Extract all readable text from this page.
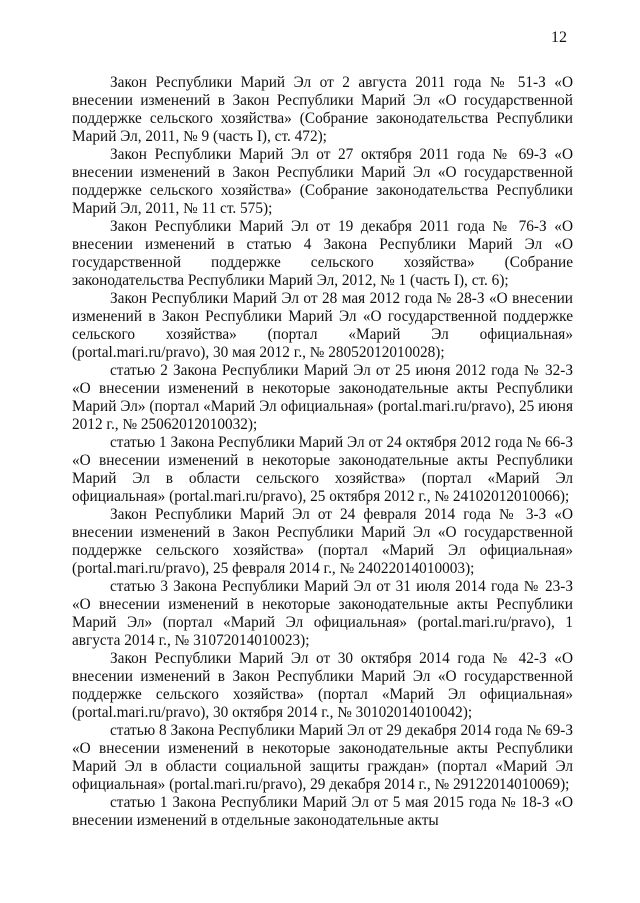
12

Закон Республики Марий Эл от 2 августа 2011 года № 51-З «О внесении изменений в Закон Республики Марий Эл «О государственной поддержке сельского хозяйства» (Собрание законодательства Республики Марий Эл, 2011, № 9 (часть I), ст. 472);

Закон Республики Марий Эл от 27 октября 2011 года № 69-З «О внесении изменений в Закон Республики Марий Эл «О государственной поддержке сельского хозяйства» (Собрание законодательства Республики Марий Эл, 2011, № 11 ст. 575);

Закон Республики Марий Эл от 19 декабря 2011 года № 76-З «О внесении изменений в статью 4 Закона Республики Марий Эл «О государственной поддержке сельского хозяйства» (Собрание законодательства Республики Марий Эл, 2012, № 1 (часть I), ст. 6);

Закон Республики Марий Эл от 28 мая 2012 года № 28-З «О внесении изменений в Закон Республики Марий Эл «О государственной поддержке сельского хозяйства» (портал «Марий Эл официальная» (portal.mari.ru/pravo), 30 мая 2012 г., № 28052012010028);

статью 2 Закона Республики Марий Эл от 25 июня 2012 года № 32-З «О внесении изменений в некоторые законодательные акты Республики Марий Эл» (портал «Марий Эл официальная» (portal.mari.ru/pravo), 25 июня 2012 г., № 25062012010032);

статью 1 Закона Республики Марий Эл от 24 октября 2012 года № 66-З «О внесении изменений в некоторые законодательные акты Республики Марий Эл в области сельского хозяйства» (портал «Марий Эл официальная» (portal.mari.ru/pravo), 25 октября 2012 г., № 24102012010066);

Закон Республики Марий Эл от 24 февраля 2014 года № 3-З «О внесении изменений в Закон Республики Марий Эл «О государственной поддержке сельского хозяйства» (портал «Марий Эл официальная» (portal.mari.ru/pravo), 25 февраля 2014 г., № 24022014010003);

статью 3 Закона Республики Марий Эл от 31 июля 2014 года № 23-З «О внесении изменений в некоторые законодательные акты Республики Марий Эл» (портал «Марий Эл официальная» (portal.mari.ru/pravo), 1 августа 2014 г., № 31072014010023);

Закон Республики Марий Эл от 30 октября 2014 года № 42-З «О внесении изменений в Закон Республики Марий Эл «О государственной поддержке сельского хозяйства» (портал «Марий Эл официальная» (portal.mari.ru/pravo), 30 октября 2014 г., № 30102014010042);

статью 8 Закона Республики Марий Эл от 29 декабря 2014 года № 69-З «О внесении изменений в некоторые законодательные акты Республики Марий Эл в области социальной защиты граждан» (портал «Марий Эл официальная» (portal.mari.ru/pravo), 29 декабря 2014 г., № 29122014010069);

статью 1 Закона Республики Марий Эл от 5 мая 2015 года № 18-З «О внесении изменений в отдельные законодательные акты
